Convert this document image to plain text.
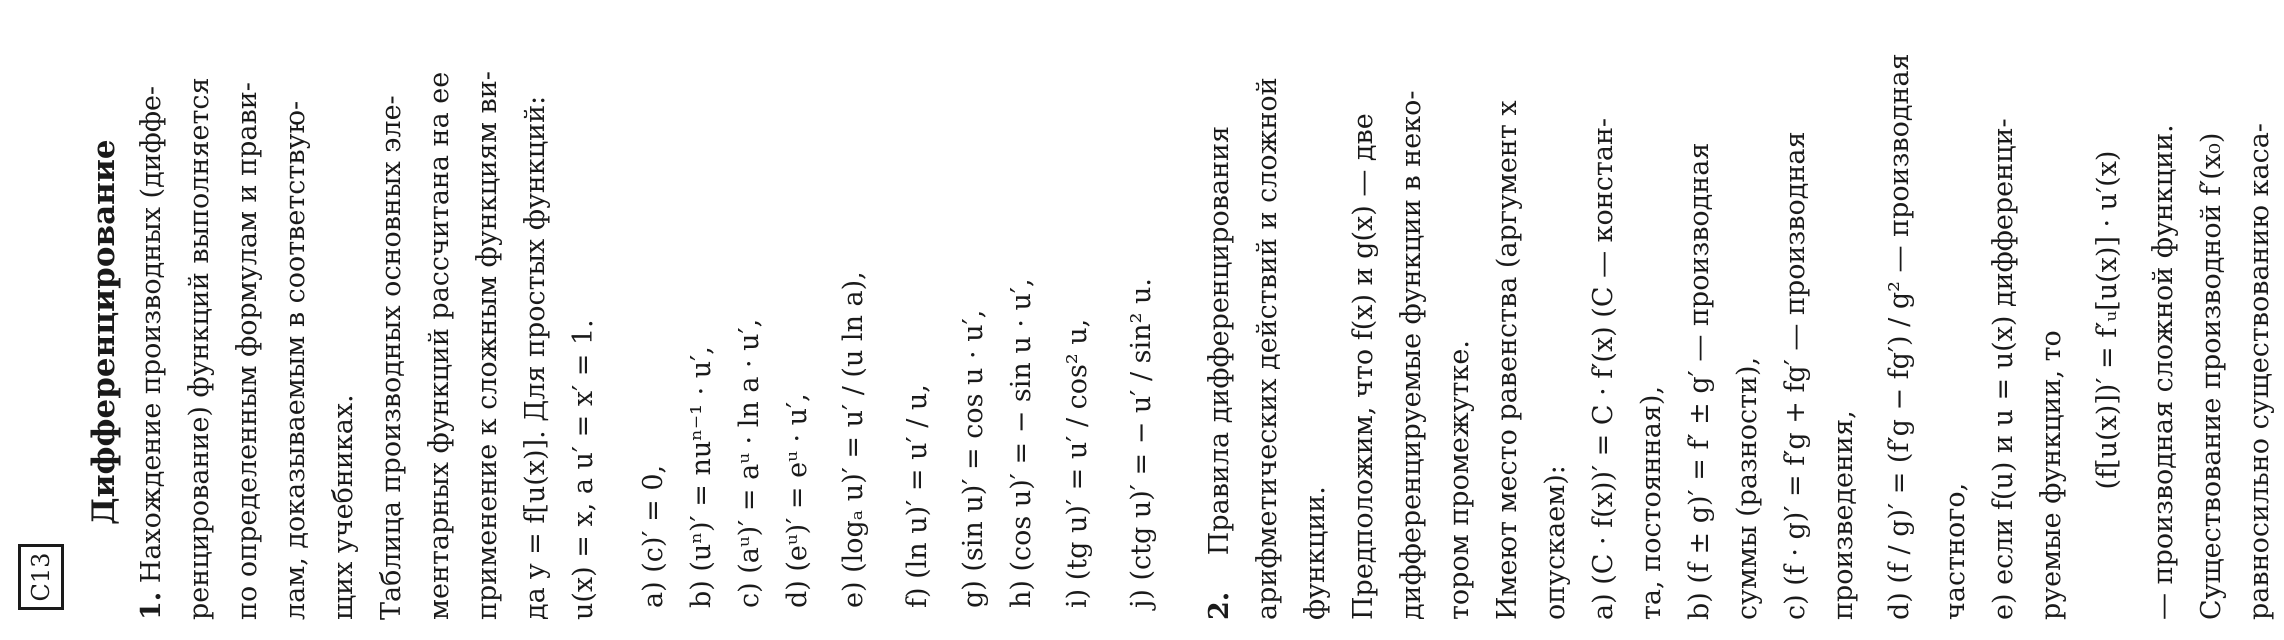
С13
Дифференцирование
1. Нахождение производных (диффе- ренцирование) функций выполняется по определенным формулам и прави- лам, доказываемым в соответствую- щих учебниках. Таблица производных основных эле- ментарных функций рассчитана на ее применение к сложным функциям ви- да y = f[u(x)]. Для простых функций: u(x) = x, а u′ = x′ = 1.	a) (c)′ = 0, b) (uⁿ)′ = nuⁿ⁻¹ · u′, c) (aᵘ)′ = aᵘ · ln a · u′, d) (eᵘ)′ = eᵘ · u′, e) (logₐ u)′ = u′ / (u ln a),	f) (ln u)′ = u′ / u, g) (sin u)′ = cos u · u′, h) (cos u)′ = − sin u · u′, i) (tg u)′ = u′ / cos² u,	j) (ctg u)′ = − u′ / sin² u.	2. Правила дифференцирования арифметических действий и сложной функции. Предположим, что f(x) и g(x) — две дифференцируемые функции в неко- тором промежутке. Имеют место равенства (аргумент x опускаем): a) (C · f(x))′ = C · f′(x) (C — констан- та, постоянная), b) (f ± g)′ = f′ ± g′ — производная суммы (разности), c) (f · g)′ = f′g + fg′ — производная произведения, d) (f / g)′ = (f′g − fg′) / g² — производная частного, e) если f(u) и u = u(x) дифференци- руемые функции, то (f[u(x)])′ = f′ᵤ[u(x)] · u′(x) — производная сложной функции. Существование производной f′(x₀) равносильно существованию каса-
